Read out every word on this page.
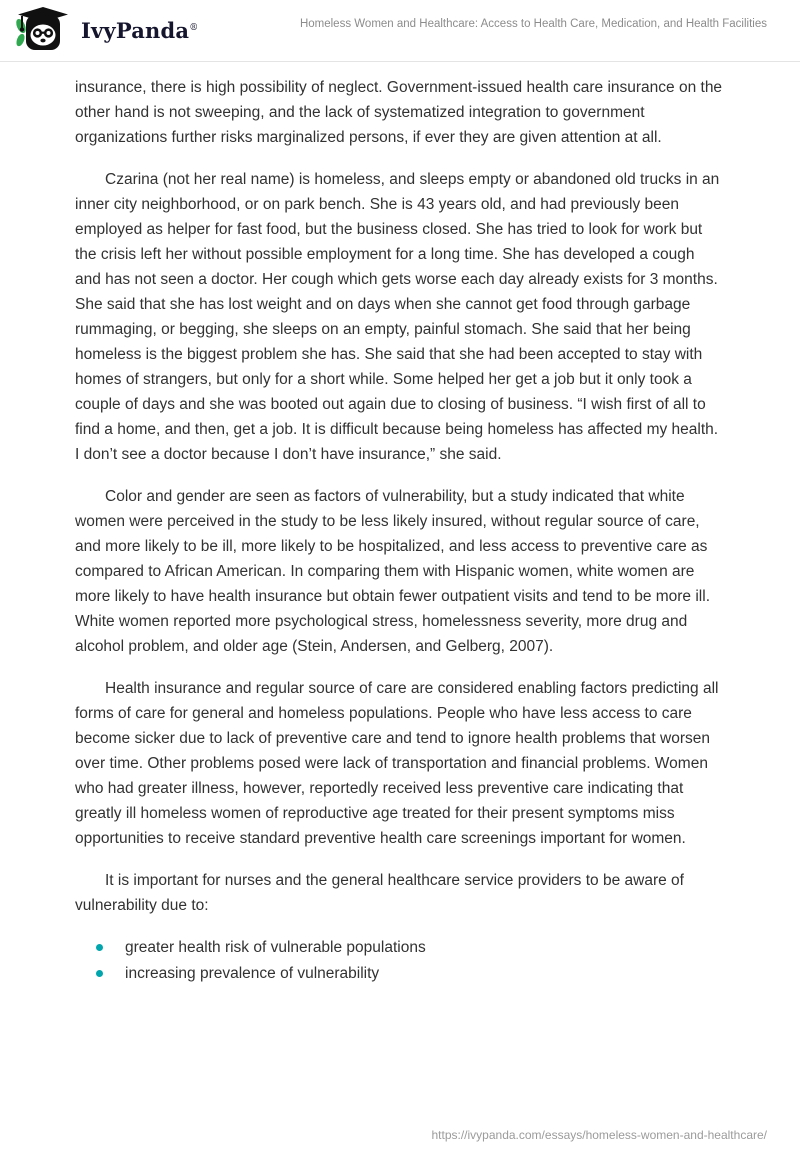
IvyPanda®	Homeless Women and Healthcare: Access to Health Care, Medication, and Health Facilities

insurance, there is high possibility of neglect. Government-issued health care insurance on the other hand is not sweeping, and the lack of systematized integration to government organizations further risks marginalized persons, if ever they are given attention at all.

Czarina (not her real name) is homeless, and sleeps empty or abandoned old trucks in an inner city neighborhood, or on park bench. She is 43 years old, and had previously been employed as helper for fast food, but the business closed. She has tried to look for work but the crisis left her without possible employment for a long time. She has developed a cough and has not seen a doctor. Her cough which gets worse each day already exists for 3 months. She said that she has lost weight and on days when she cannot get food through garbage rummaging, or begging, she sleeps on an empty, painful stomach. She said that her being homeless is the biggest problem she has. She said that she had been accepted to stay with homes of strangers, but only for a short while. Some helped her get a job but it only took a couple of days and she was booted out again due to closing of business. “I wish first of all to find a home, and then, get a job. It is difficult because being homeless has affected my health. I don’t see a doctor because I don’t have insurance,” she said.

Color and gender are seen as factors of vulnerability, but a study indicated that white women were perceived in the study to be less likely insured, without regular source of care, and more likely to be ill, more likely to be hospitalized, and less access to preventive care as compared to African American. In comparing them with Hispanic women, white women are more likely to have health insurance but obtain fewer outpatient visits and tend to be more ill. White women reported more psychological stress, homelessness severity, more drug and alcohol problem, and older age (Stein, Andersen, and Gelberg, 2007).

Health insurance and regular source of care are considered enabling factors predicting all forms of care for general and homeless populations. People who have less access to care become sicker due to lack of preventive care and tend to ignore health problems that worsen over time. Other problems posed were lack of transportation and financial problems. Women who had greater illness, however, reportedly received less preventive care indicating that greatly ill homeless women of reproductive age treated for their present symptoms miss opportunities to receive standard preventive health care screenings important for women.

It is important for nurses and the general healthcare service providers to be aware of vulnerability due to:

greater health risk of vulnerable populations
increasing prevalence of vulnerability
https://ivypanda.com/essays/homeless-women-and-healthcare/
